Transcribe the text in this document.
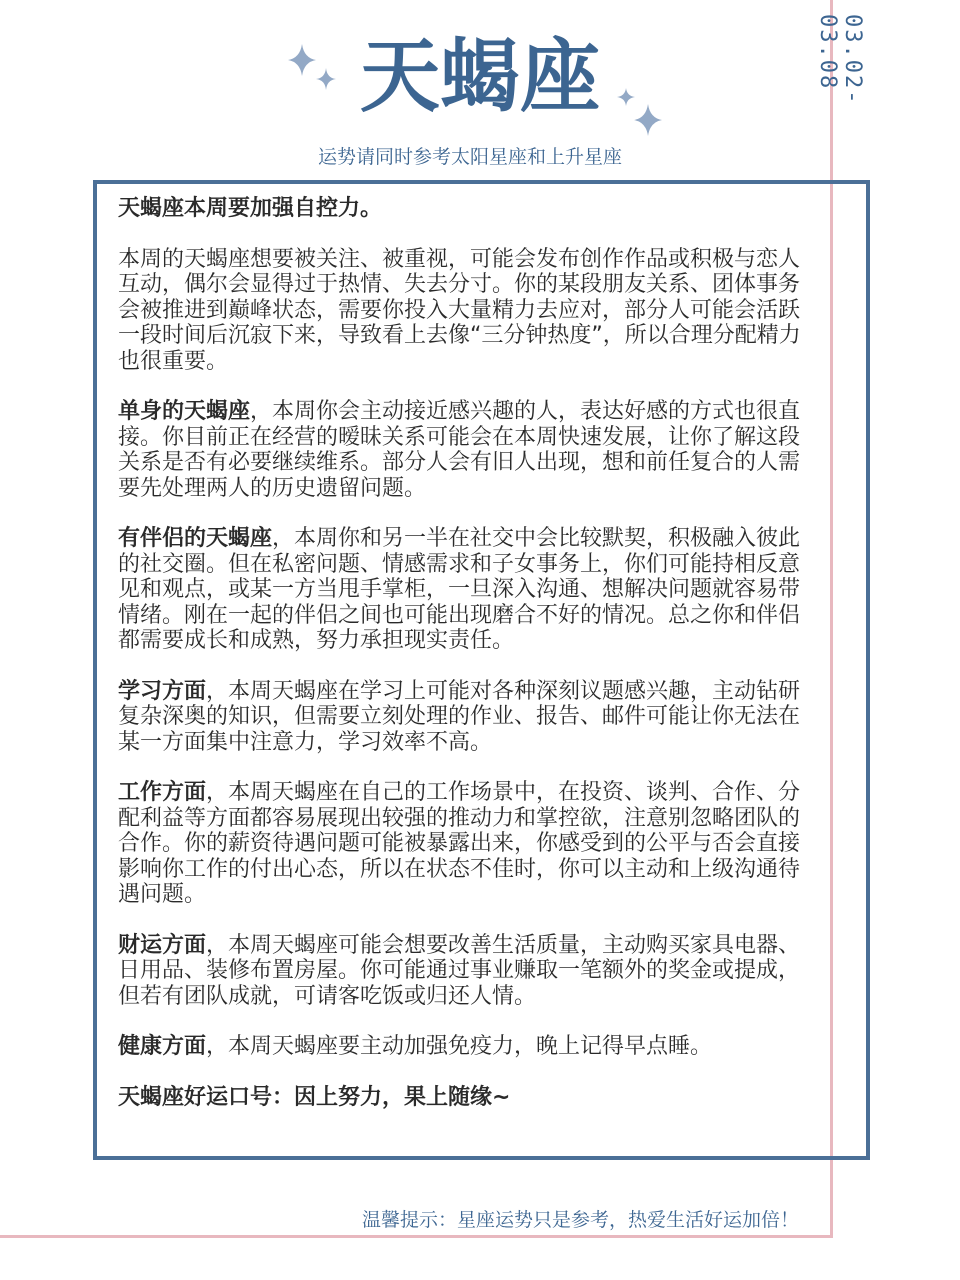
03.02-03.08
天蝎座
运势请同时参考太阳星座和上升星座

天蝎座本周要加强自控力。

本周的天蝎座想要被关注、被重视，可能会发布创作作品或积极与恋人互动，偶尔会显得过于热情、失去分寸。你的某段朋友关系、团体事务会被推进到巅峰状态，需要你投入大量精力去应对，部分人可能会活跃一段时间后沉寂下来，导致看上去像“三分钟热度”，所以合理分配精力也很重要。

单身的天蝎座，本周你会主动接近感兴趣的人，表达好感的方式也很直接。你目前正在经营的暧昧关系可能会在本周快速发展，让你了解这段关系是否有必要继续维系。部分人会有旧人出现，想和前任复合的人需要先处理两人的历史遗留问题。

有伴侣的天蝎座，本周你和另一半在社交中会比较默契，积极融入彼此的社交圈。但在私密问题、情感需求和子女事务上，你们可能持相反意见和观点，或某一方当甩手掌柜，一旦深入沟通、想解决问题就容易带情绪。刚在一起的伴侣之间也可能出现磨合不好的情况。总之你和伴侣都需要成长和成熟，努力承担现实责任。

学习方面，本周天蝎座在学习上可能对各种深刻议题感兴趣，主动钻研复杂深奥的知识，但需要立刻处理的作业、报告、邮件可能让你无法在某一方面集中注意力，学习效率不高。

工作方面，本周天蝎座在自己的工作场景中，在投资、谈判、合作、分配利益等方面都容易展现出较强的推动力和掌控欲，注意别忽略团队的合作。你的薪资待遇问题可能被暴露出来，你感受到的公平与否会直接影响你工作的付出心态，所以在状态不佳时，你可以主动和上级沟通待遇问题。

财运方面，本周天蝎座可能会想要改善生活质量，主动购买家具电器、日用品、装修布置房屋。你可能通过事业赚取一笔额外的奖金或提成，但若有团队成就，可请客吃饭或归还人情。

健康方面，本周天蝎座要主动加强免疫力，晚上记得早点睡。

天蝎座好运口号：因上努力，果上随缘~

温馨提示：星座运势只是参考，热爱生活好运加倍！
